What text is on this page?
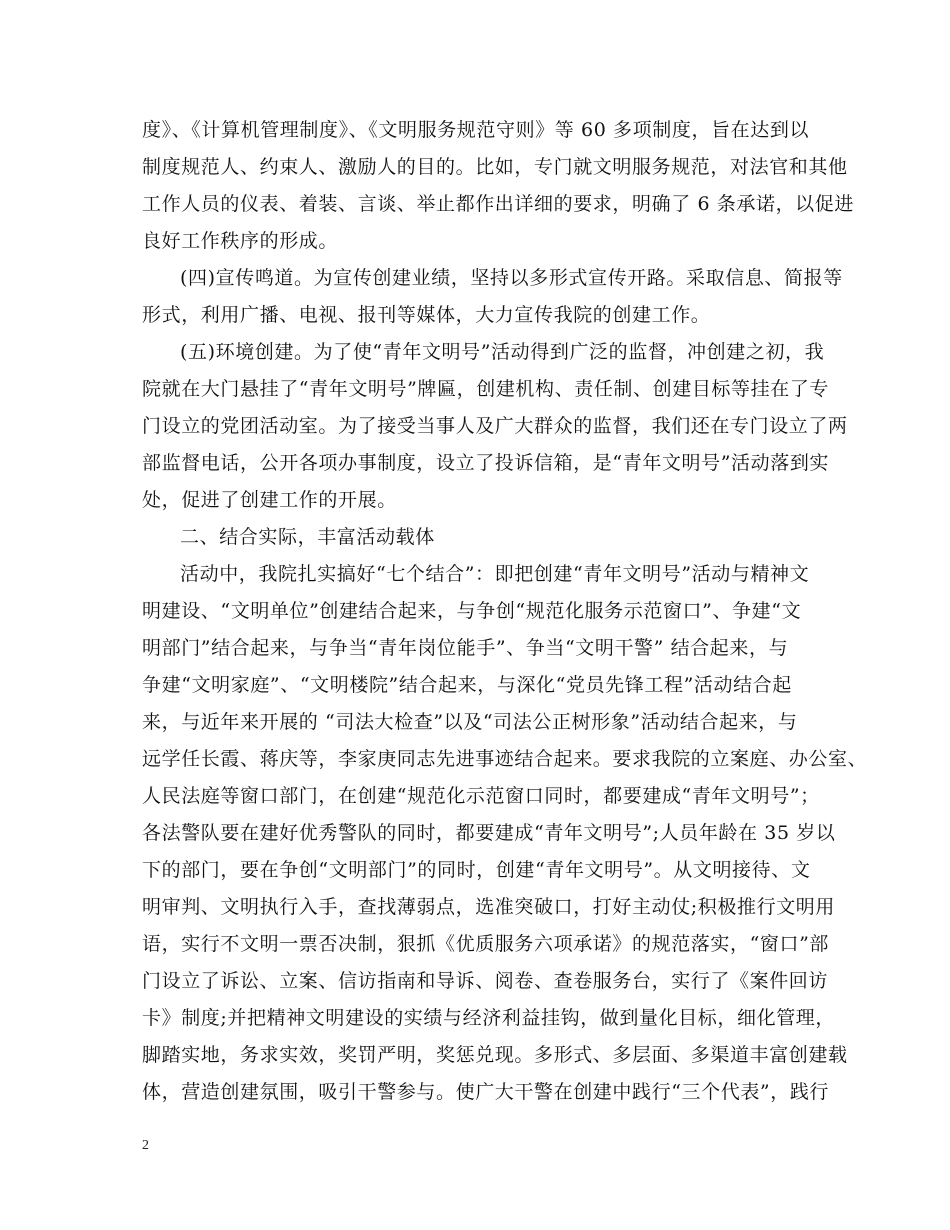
度》、《计算机管理制度》、《文明服务规范守则》等 60 多项制度，旨在达到以
制度规范人、约束人、激励人的目的。比如，专门就文明服务规范，对法官和其他
工作人员的仪表、着装、言谈、举止都作出详细的要求，明确了 6 条承诺，以促进
良好工作秩序的形成。
(四)宣传鸣道。为宣传创建业绩，坚持以多形式宣传开路。采取信息、简报等
形式，利用广播、电视、报刊等媒体，大力宣传我院的创建工作。
(五)环境创建。为了使“青年文明号”活动得到广泛的监督，冲创建之初，我
院就在大门悬挂了“青年文明号”牌匾，创建机构、责任制、创建目标等挂在了专
门设立的党团活动室。为了接受当事人及广大群众的监督，我们还在专门设立了两
部监督电话，公开各项办事制度，设立了投诉信箱，是“青年文明号”活动落到实
处，促进了创建工作的开展。
二、结合实际，丰富活动载体
活动中，我院扎实搞好“七个结合”：即把创建“青年文明号”活动与精神文
明建设、“文明单位”创建结合起来，与争创“规范化服务示范窗口”、争建“文
明部门”结合起来，与争当“青年岗位能手”、争当“文明干警” 结合起来，与
争建“文明家庭”、“文明楼院”结合起来，与深化“党员先锋工程”活动结合起
来，与近年来开展的 “司法大检查”以及“司法公正树形象”活动结合起来，与
远学任长霞、蒋庆等，李家庚同志先进事迹结合起来。要求我院的立案庭、办公室、
人民法庭等窗口部门，在创建“规范化示范窗口同时，都要建成“青年文明号”；
各法警队要在建好优秀警队的同时，都要建成“青年文明号”;人员年龄在 35 岁以
下的部门，要在争创“文明部门”的同时，创建“青年文明号”。从文明接待、文
明审判、文明执行入手，查找薄弱点，选准突破口，打好主动仗;积极推行文明用
语，实行不文明一票否决制，狠抓《优质服务六项承诺》的规范落实，“窗口”部
门设立了诉讼、立案、信访指南和导诉、阅卷、查卷服务台，实行了《案件回访
卡》制度;并把精神文明建设的实绩与经济利益挂钩，做到量化目标，细化管理，
脚踏实地，务求实效，奖罚严明，奖惩兑现。多形式、多层面、多渠道丰富创建载
体，营造创建氛围，吸引干警参与。使广大干警在创建中践行“三个代表”，践行
2
